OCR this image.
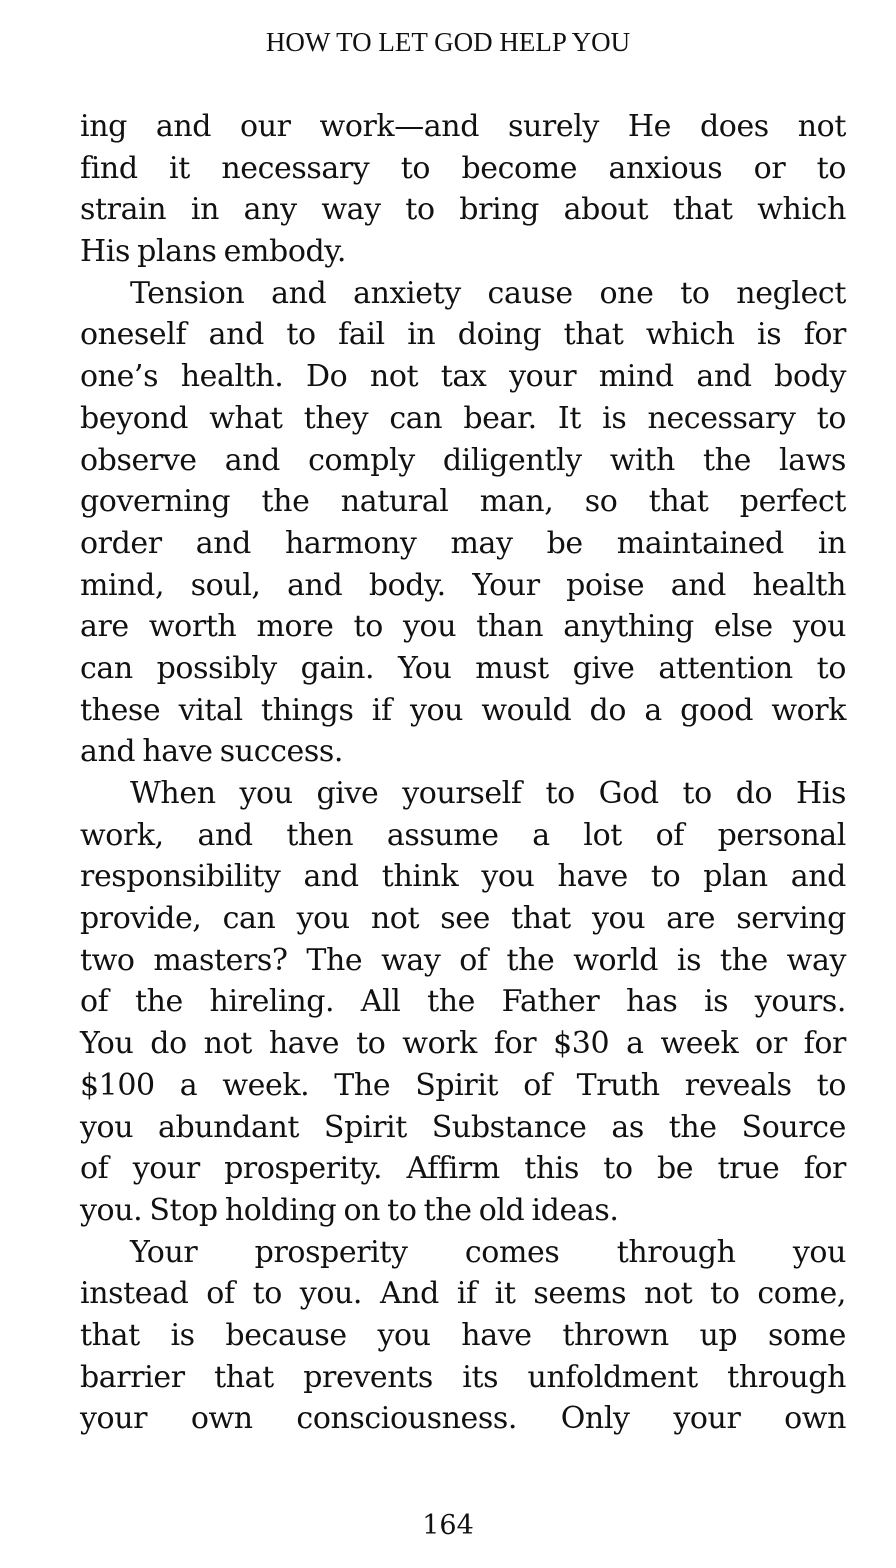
HOW TO LET GOD HELP YOU
ing and our work—and surely He does not
find it necessary to become anxious or to
strain in any way to bring about that which
His plans embody.
Tension and anxiety cause one to neglect
oneself and to fail in doing that which is for
one’s health. Do not tax your mind and body
beyond what they can bear. It is necessary to
observe and comply diligently with the laws
governing the natural man, so that perfect
order and harmony may be maintained in
mind, soul, and body. Your poise and health
are worth more to you than anything else you
can possibly gain. You must give attention to
these vital things if you would do a good work
and have success.
When you give yourself to God to do His
work, and then assume a lot of personal
responsibility and think you have to plan and
provide, can you not see that you are serving
two masters? The way of the world is the way
of the hireling. All the Father has is yours.
You do not have to work for $30 a week or for
$100 a week. The Spirit of Truth reveals to
you abundant Spirit Substance as the Source
of your prosperity. Affirm this to be true for
you. Stop holding on to the old ideas.
Your prosperity comes through you
instead of to you. And if it seems not to come,
that is because you have thrown up some
barrier that prevents its unfoldment through
your own consciousness. Only your own
164
